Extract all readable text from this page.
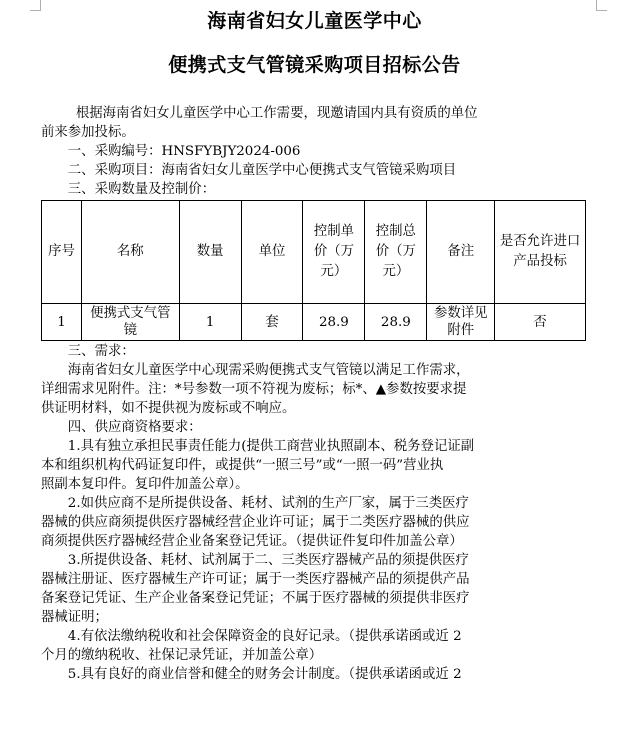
海南省妇女儿童医学中心
便携式支气管镜采购项目招标公告

根据海南省妇女儿童医学中心工作需要，现邀请国内具有资质的单位

前来参加投标。

一、采购编号：HNSFYBJY2024-006

二、采购项目：海南省妇女儿童医学中心便携式支气管镜采购项目

三、采购数量及控制价：

序号	名称	数量	单位	控制单价（万元）	控制总价（万元）	备注	是否允许进口产品投标
1	便携式支气管镜	1	套	28.9	28.9	参数详见附件	否

三、需求：

海南省妇女儿童医学中心现需采购便携式支气管镜以满足工作需求，

详细需求见附件。注：*号参数一项不符视为废标；标*、▲参数按要求提

供证明材料，如不提供视为废标或不响应。

四、供应商资格要求：

1.具有独立承担民事责任能力(提供工商营业执照副本、税务登记证副

本和组织机构代码证复印件，或提供“一照三号”或“一照一码”营业执

照副本复印件。复印件加盖公章）。

2.如供应商不是所提供设备、耗材、试剂的生产厂家，属于三类医疗

器械的供应商须提供医疗器械经营企业许可证；属于二类医疗器械的供应

商须提供医疗器械经营企业备案登记凭证。（提供证件复印件加盖公章）

3.所提供设备、耗材、试剂属于二、三类医疗器械产品的须提供医疗

器械注册证、医疗器械生产许可证；属于一类医疗器械产品的须提供产品

备案登记凭证、生产企业备案登记凭证；不属于医疗器械的须提供非医疗

器械证明；

4.有依法缴纳税收和社会保障资金的良好记录。（提供承诺函或近 2

个月的缴纳税收、社保记录凭证，并加盖公章）

5.具有良好的商业信誉和健全的财务会计制度。（提供承诺函或近 2
